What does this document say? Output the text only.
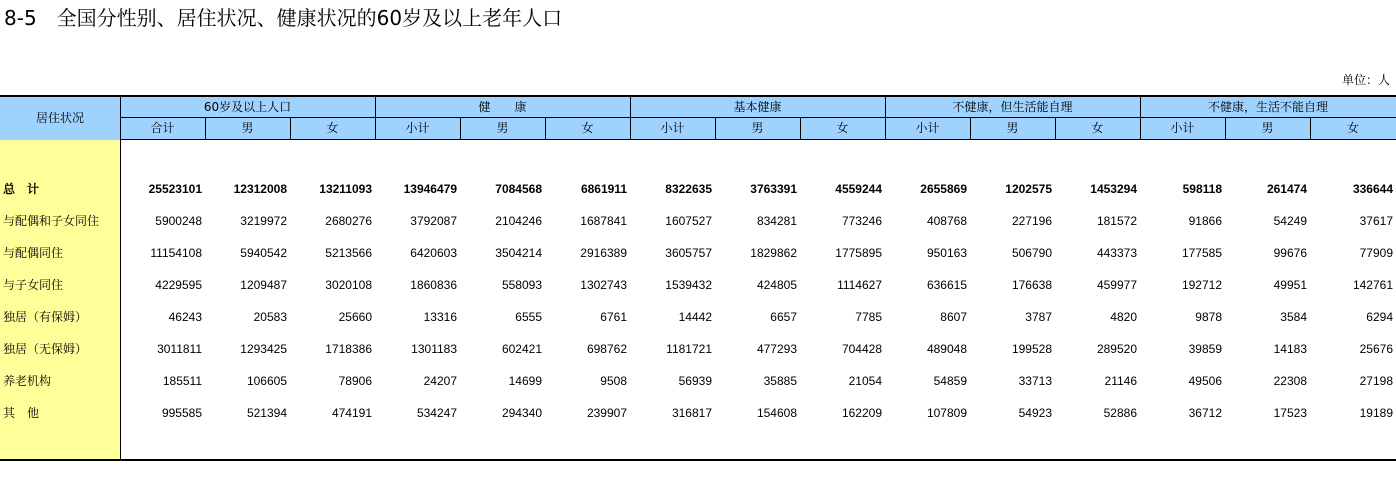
8-5　全国分性别、居住状况、健康状况的60岁及以上老年人口
单位：人
居住状况
60岁及以上人口	健　　康	基本健康	不健康，但生活能自理	不健康，生活不能自理
合计	男	女	小计	男	女	小计	男	女	小计	男	女	小计	男	女
总　计	25523101	12312008	13211093	13946479	7084568	6861911	8322635	3763391	4559244	2655869	1202575	1453294	598118	261474	336644
与配偶和子女同住	5900248	3219972	2680276	3792087	2104246	1687841	1607527	834281	773246	408768	227196	181572	91866	54249	37617
与配偶同住	11154108	5940542	5213566	6420603	3504214	2916389	3605757	1829862	1775895	950163	506790	443373	177585	99676	77909
与子女同住	4229595	1209487	3020108	1860836	558093	1302743	1539432	424805	1114627	636615	176638	459977	192712	49951	142761
独居（有保姆）	46243	20583	25660	13316	6555	6761	14442	6657	7785	8607	3787	4820	9878	3584	6294
独居（无保姆）	3011811	1293425	1718386	1301183	602421	698762	1181721	477293	704428	489048	199528	289520	39859	14183	25676
养老机构	185511	106605	78906	24207	14699	9508	56939	35885	21054	54859	33713	21146	49506	22308	27198
其　他	995585	521394	474191	534247	294340	239907	316817	154608	162209	107809	54923	52886	36712	17523	19189
